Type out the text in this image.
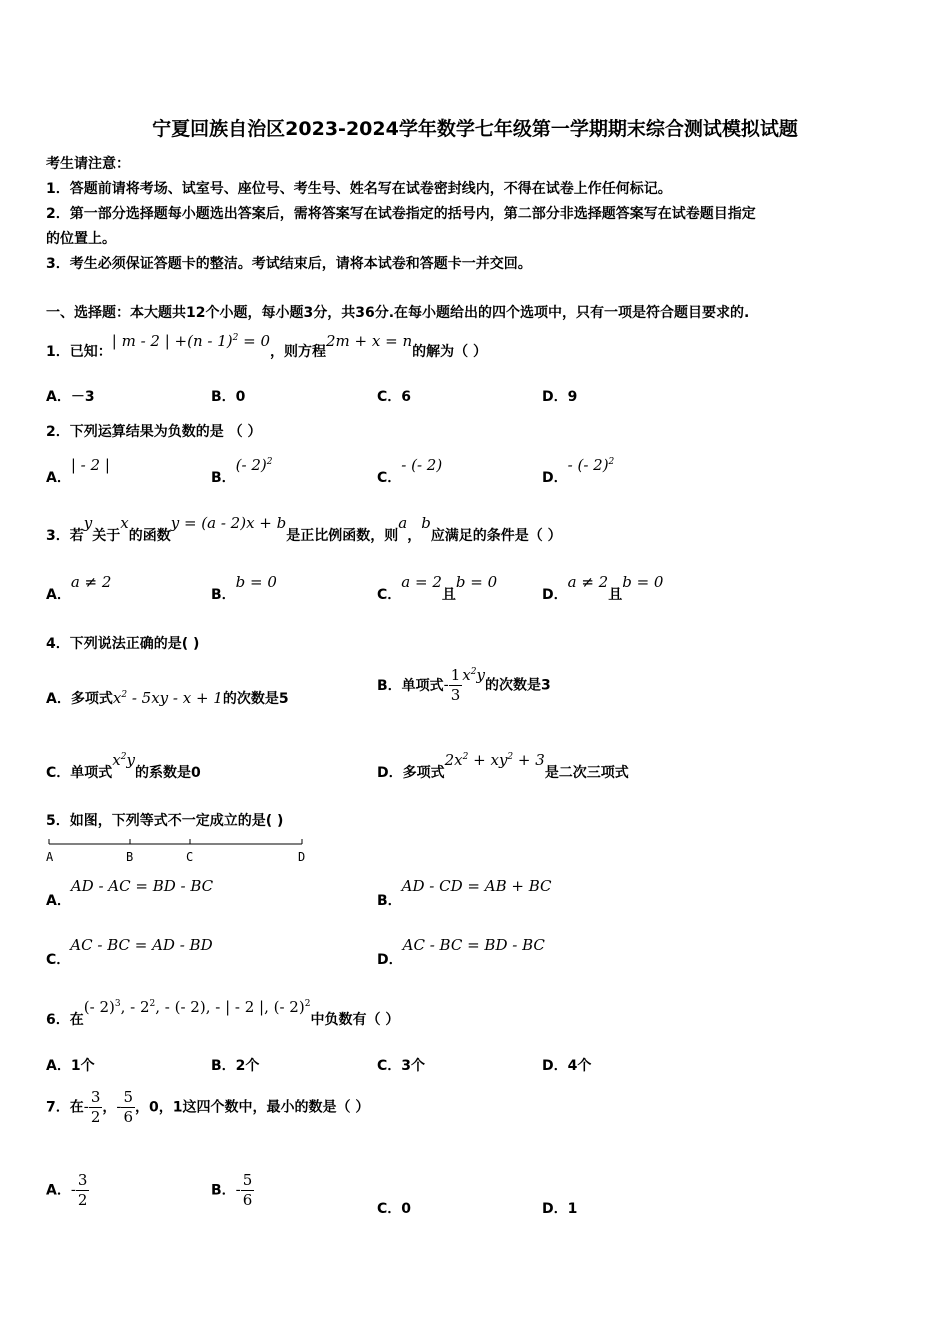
宁夏回族自治区2023-2024学年数学七年级第一学期期末综合测试模拟试题
考生请注意：
1．答题前请将考场、试室号、座位号、考生号、姓名写在试卷密封线内，不得在试卷上作任何标记。
2．第一部分选择题每小题选出答案后，需将答案写在试卷指定的括号内，第二部分非选择题答案写在试卷题目指定
的位置上。
3．考生必须保证答题卡的整洁。考试结束后，请将本试卷和答题卡一并交回。
一、选择题：本大题共12个小题，每小题3分，共36分.在每小题给出的四个选项中，只有一项是符合题目要求的.
1．已知：| m - 2 | +(n - 1)$^2$ = 0，则方程2m + x = n的解为（ ）
A．－3	B．0	C．6	D．9
2．下列运算结果为负数的是 （ ）
A．| - 2 |
B．(- 2)$^2$
C．- (- 2)
D．- (- 2)$^2$
3．若y关于x的函数y = (a - 2)x + b是正比例函数，则a，b应满足的条件是（ ）
A．a ≠ 2
B．b = 0
C．a = 2且b = 0
D．a ≠ 2且b = 0
4．下列说法正确的是( )
A．多项式$x^2 - 5xy - x + 1$的次数是5
B．单项式- $\frac{1}{3} x^2y$的次数是3
C．单项式$x^2y$的系数是0	D．多项式$2x^2 + xy^2 + 3$是二次三项式
5．如图，下列等式不一定成立的是( )
A	B	C	D
A．AD - AC = BD - BC
B．AD - CD = AB + BC
C．AC - BC = AD - BD
D．AC - BC = BD - BC
6．在(- 2)$^3$, - $2^2$, - (- 2), - | - 2 |, (- 2)$^2$中负数有（ ）
A．1个	B．2个	C．3个	D．4个
7．在- $\frac{3}{2}$ ，- $\frac{5}{6}$ ，0，1这四个数中，最小的数是（ ）
A．- $\frac{3}{2}$	B．- $\frac{5}{6}$	C．0	D．1
